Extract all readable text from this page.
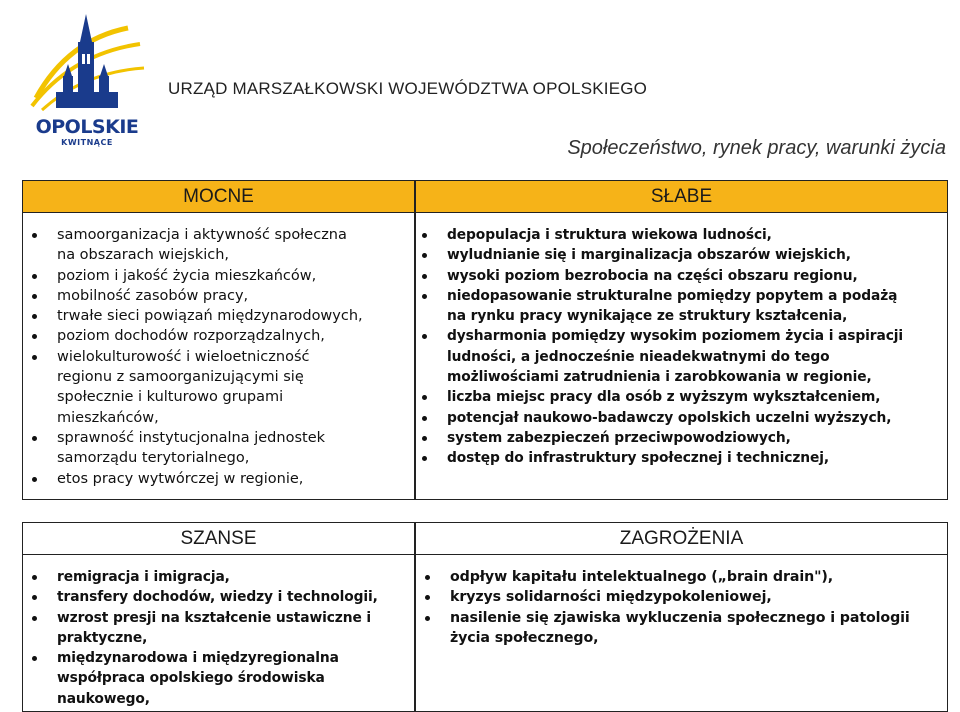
OPOLSKIE
KWITNĄCE
URZĄD MARSZAŁKOWSKI WOJEWÓDZTWA OPOLSKIEGO
Społeczeństwo, rynek pracy, warunki życia
MOCNE
samoorganizacja i aktywność społeczna
na obszarach wiejskich,
poziom i jakość życia mieszkańców,
mobilność zasobów pracy,
trwałe sieci powiązań międzynarodowych,
poziom dochodów rozporządzalnych,
wielokulturowość i wieloetniczność
regionu z samoorganizującymi się
społecznie i kulturowo grupami
mieszkańców,
sprawność instytucjonalna jednostek
samorządu terytorialnego,
etos pracy wytwórczej w regionie,
SŁABE
depopulacja i struktura wiekowa ludności,
wyludnianie się i marginalizacja obszarów wiejskich,
wysoki poziom bezrobocia na części obszaru regionu,
niedopasowanie strukturalne pomiędzy popytem a podażą
na rynku pracy wynikające ze struktury kształcenia,
dysharmonia pomiędzy wysokim poziomem życia i aspiracji
ludności, a jednocześnie nieadekwatnymi do tego
możliwościami zatrudnienia i zarobkowania w regionie,
liczba miejsc pracy dla osób z wyższym wykształceniem,
potencjał naukowo-badawczy opolskich uczelni wyższych,
system zabezpieczeń przeciwpowodziowych,
dostęp do infrastruktury społecznej i technicznej,
SZANSE
remigracja i imigracja,
transfery dochodów, wiedzy i technologii,
wzrost presji na kształcenie ustawiczne i
praktyczne,
międzynarodowa i międzyregionalna
współpraca opolskiego środowiska
naukowego,
ZAGROŻENIA
odpływ kapitału intelektualnego („brain drain"),
kryzys solidarności międzypokoleniowej,
nasilenie się zjawiska wykluczenia społecznego i patologii
życia społecznego,
